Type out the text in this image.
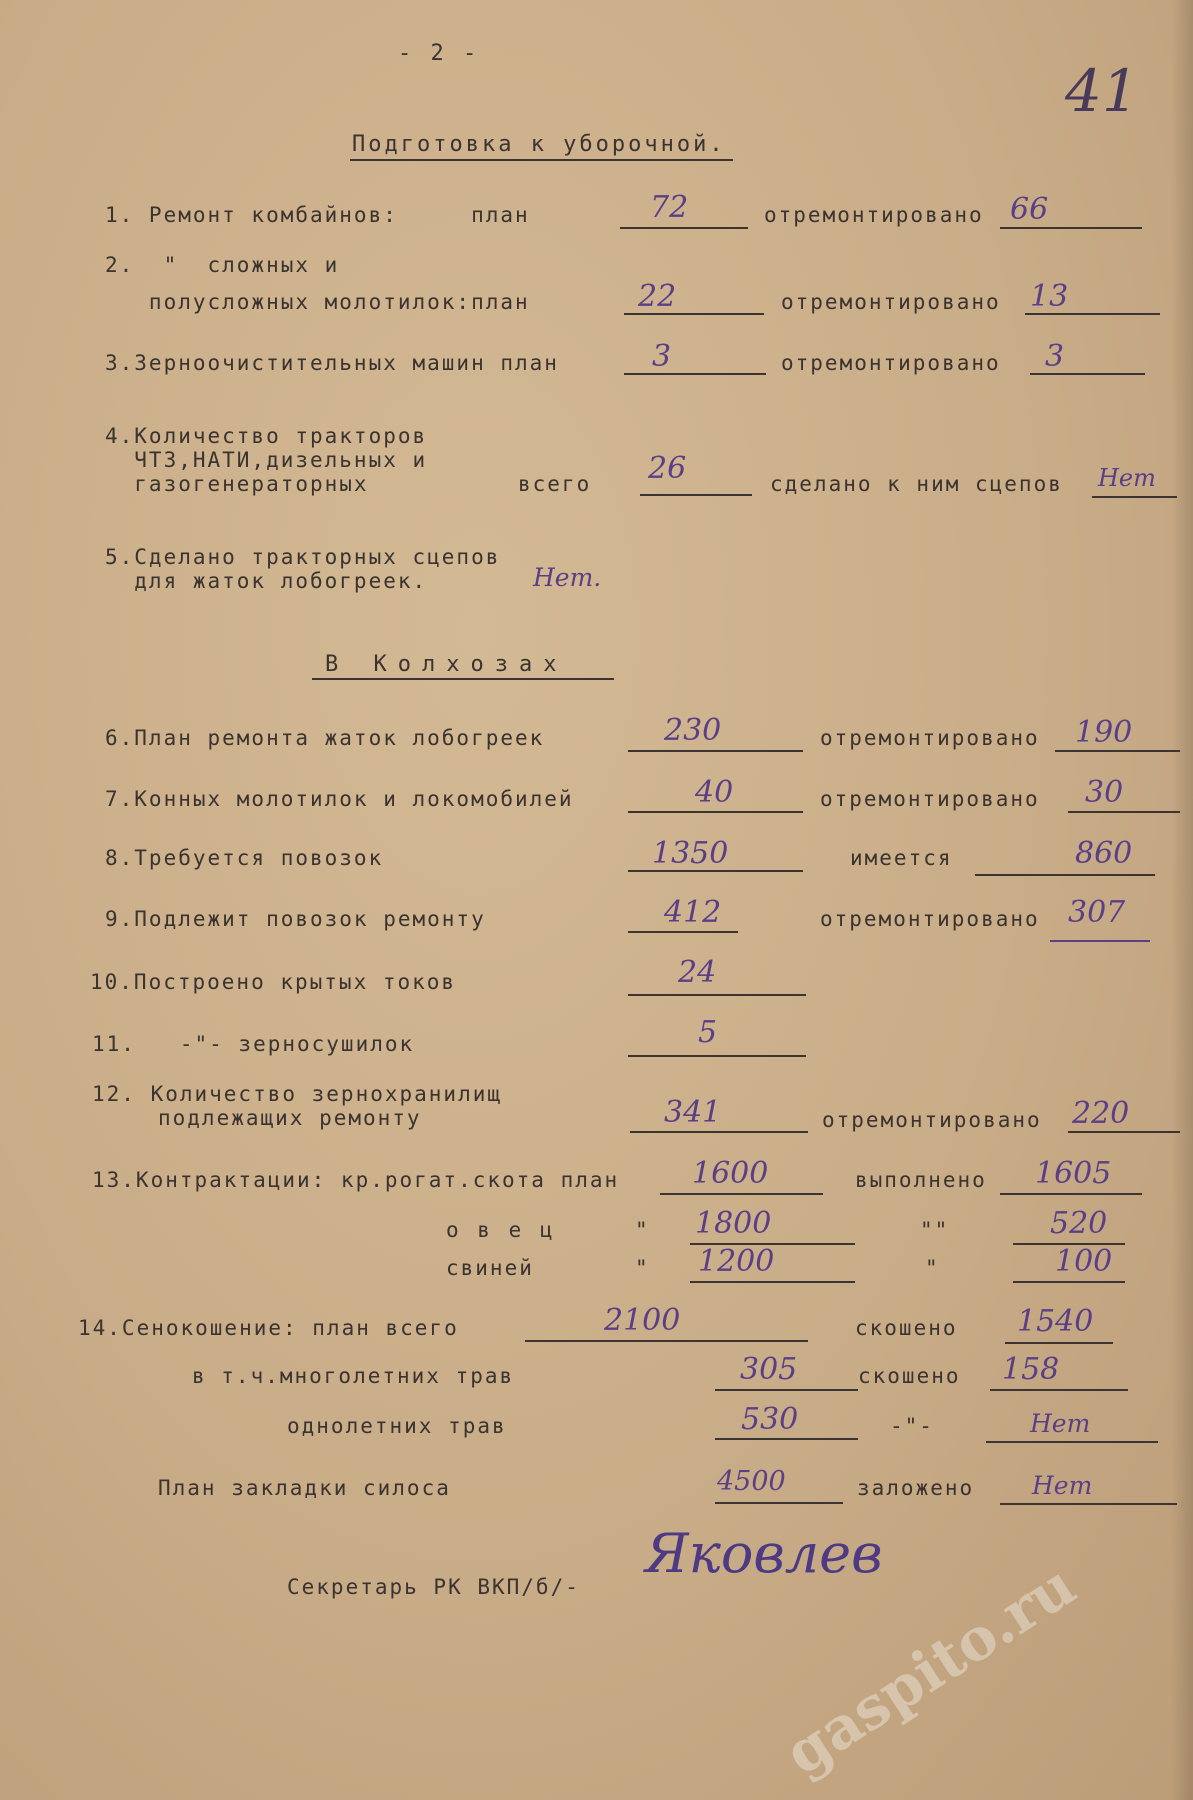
- 2 -
41
Подготовка к уборочной.
1. Ремонт комбайнов:     план	72	отремонтировано 66
2.  "  сложных и
полусложных молотилок:план	22	отремонтировано 13
3.Зерноочистительных машин план	3	отремонтировано 3
4.Количество тракторов
ЧТЗ,НАТИ,дизельных и
газогенераторных	всего 26	сделано к ним сцепов Нет
5.Сделано тракторных сцепов
для жаток лобогреек.	Нет.
В Колхозах
6.План ремонта жаток лобогреек	230	отремонтировано 190
7.Конных молотилок и локомобилей	40	отремонтировано 30
8.Требуется повозок	1350	имеется	860
9.Подлежит повозок ремонту	412	отремонтировано 307
10.Построено крытых токов	24
11.   -"- зерносушилок	5
12. Количество зернохранилищ
подлежащих ремонту	341	отремонтировано 220
13.Контрактации: кр.рогат.скота план 1600	выполнено 1605
о в е ц	" 1800	""	520
свиней	" 1200	"	100
14.Сенокошение: план всего	2100	скошено 1540
в т.ч.многолетних трав	305	скошено 158
однолетних трав	530	-"-	Нет
План закладки силоса	4500	заложено Нет
Секретарь РК ВКП/б/-
Яковлев
gaspito.ru
